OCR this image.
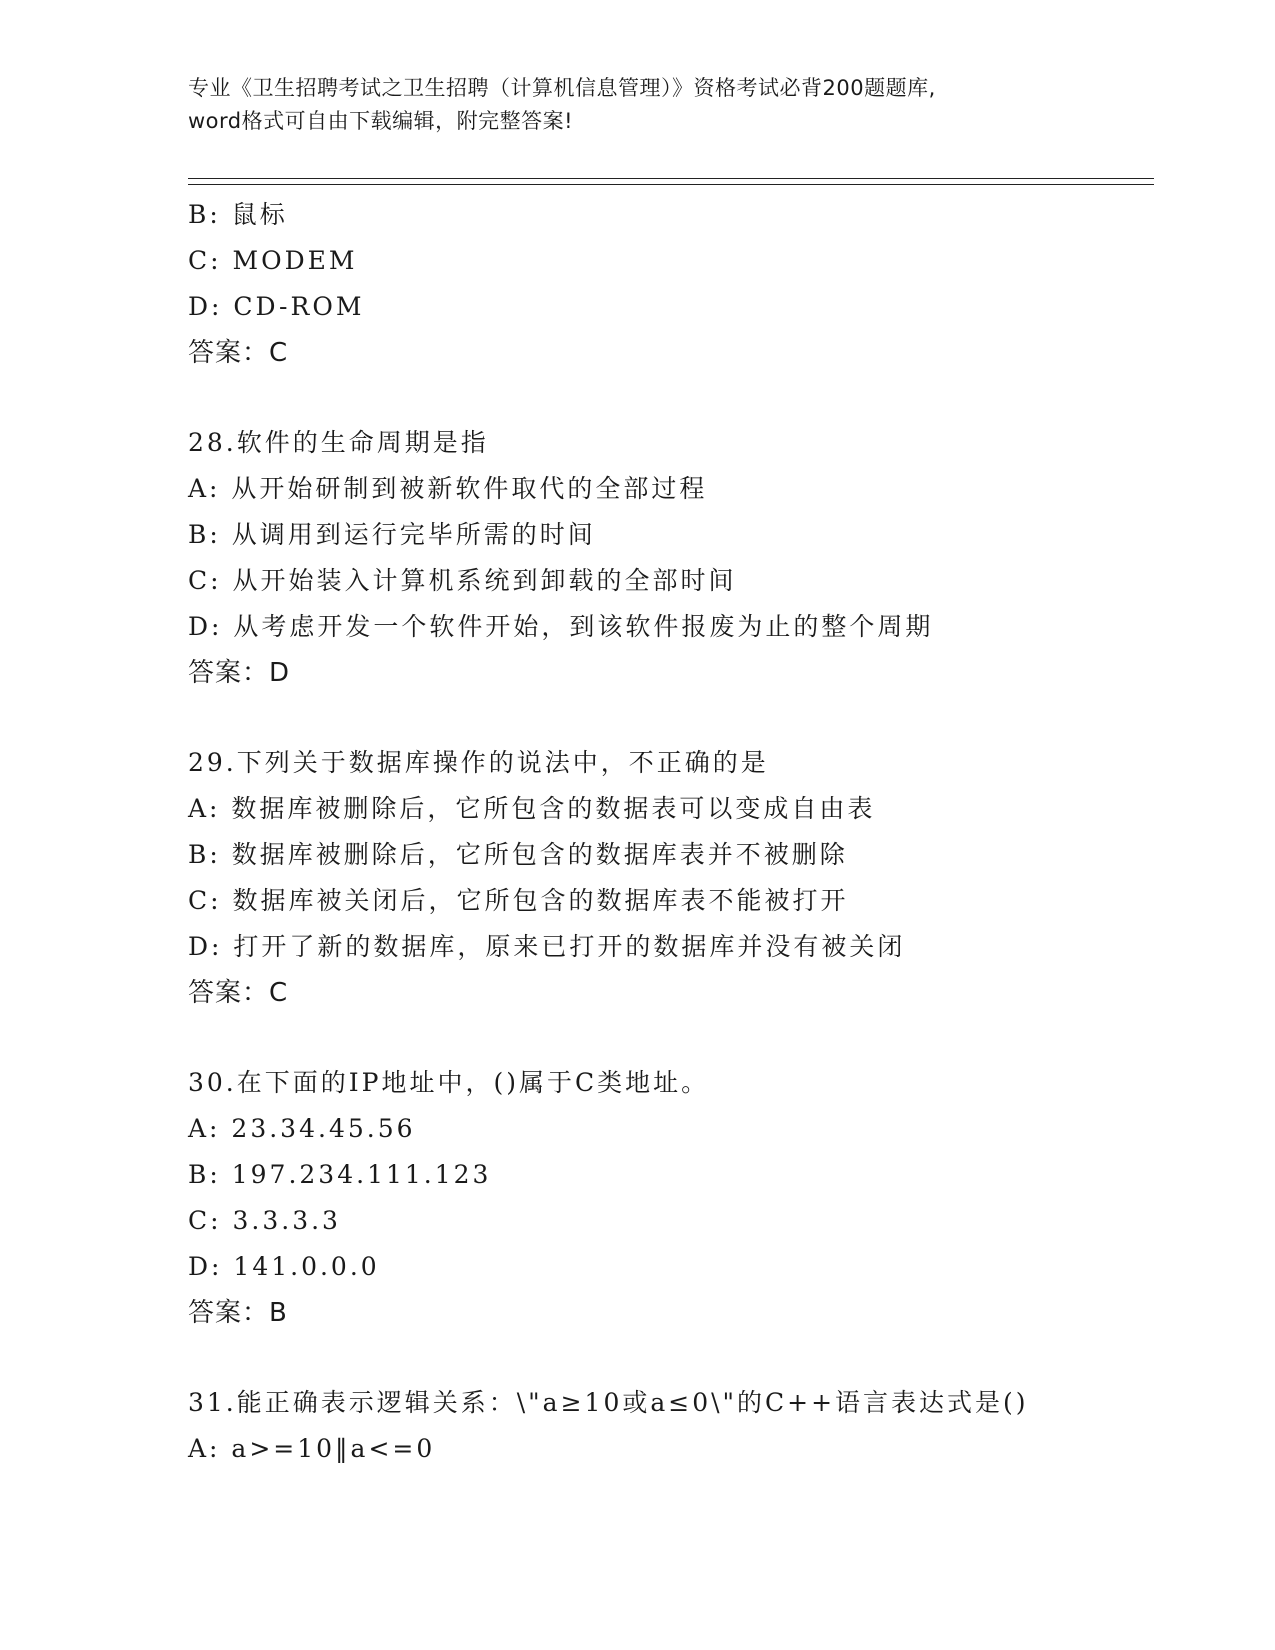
专业《卫生招聘考试之卫生招聘（计算机信息管理）》资格考试必背200题题库,
word格式可自由下载编辑，附完整答案!
B: 鼠标
C: MODEM
D: CD-ROM
答案：C
28.软件的生命周期是指
A: 从开始研制到被新软件取代的全部过程
B: 从调用到运行完毕所需的时间
C: 从开始装入计算机系统到卸载的全部时间
D: 从考虑开发一个软件开始，到该软件报废为止的整个周期
答案：D
29.下列关于数据库操作的说法中，不正确的是
A: 数据库被删除后，它所包含的数据表可以变成自由表
B: 数据库被删除后，它所包含的数据库表并不被删除
C: 数据库被关闭后，它所包含的数据库表不能被打开
D: 打开了新的数据库，原来已打开的数据库并没有被关闭
答案：C
30.在下面的IP地址中，()属于C类地址。
A: 23.34.45.56
B: 197.234.111.123
C: 3.3.3.3
D: 141.0.0.0
答案：B
31.能正确表示逻辑关系：\"a≥10或a≤0\"的C++语言表达式是()
A: a>=10‖a<=0
